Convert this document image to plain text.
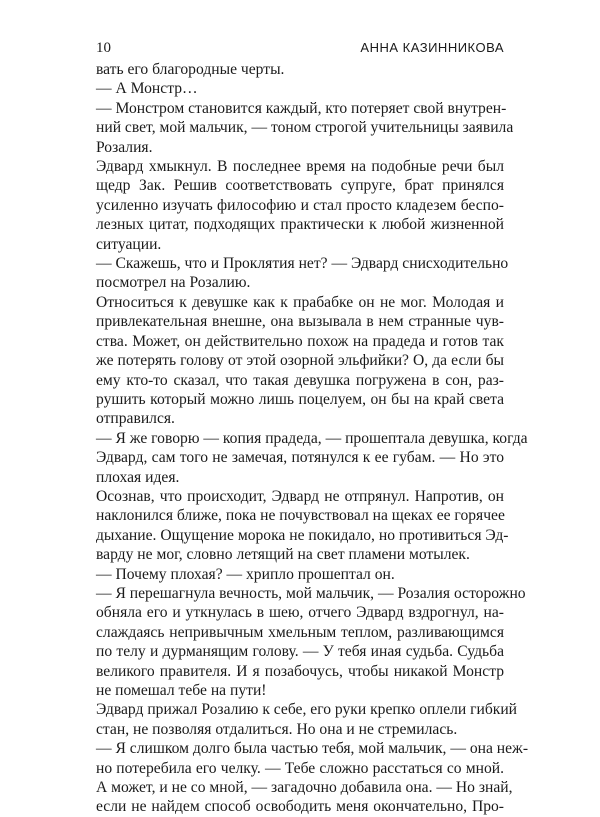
10	АННА КАЗИННИКОВА
вать его благородные черты.
— А Монстр…
— Монстром становится каждый, кто потеряет свой внутрен-
ний свет, мой мальчик, — тоном строгой учительницы заявила
Розалия.
Эдвард хмыкнул. В последнее время на подобные речи был
щедр Зак. Решив соответствовать супруге, брат принялся
усиленно изучать философию и стал просто кладезем беспо-
лезных цитат, подходящих практически к любой жизненной
ситуации.
— Скажешь, что и Проклятия нет? — Эдвард снисходительно
посмотрел на Розалию.
Относиться к девушке как к прабабке он не мог. Молодая и
привлекательная внешне, она вызывала в нем странные чув-
ства. Может, он действительно похож на прадеда и готов так
же потерять голову от этой озорной эльфийки? О, да если бы
ему кто-то сказал, что такая девушка погружена в сон, раз-
рушить который можно лишь поцелуем, он бы на край света
отправился.
— Я же говорю — копия прадеда, — прошептала девушка, когда
Эдвард, сам того не замечая, потянулся к ее губам. — Но это
плохая идея.
Осознав, что происходит, Эдвард не отпрянул. Напротив, он
наклонился ближе, пока не почувствовал на щеках ее горячее
дыхание. Ощущение морока не покидало, но противиться Эд-
варду не мог, словно летящий на свет пламени мотылек.
— Почему плохая? — хрипло прошептал он.
— Я перешагнула вечность, мой мальчик, — Розалия осторожно
обняла его и уткнулась в шею, отчего Эдвард вздрогнул, на-
слаждаясь непривычным хмельным теплом, разливающимся
по телу и дурманящим голову. — У тебя иная судьба. Судьба
великого правителя. И я позабочусь, чтобы никакой Монстр
не помешал тебе на пути!
Эдвард прижал Розалию к себе, его руки крепко оплели гибкий
стан, не позволяя отдалиться. Но она и не стремилась.
— Я слишком долго была частью тебя, мой мальчик, — она неж-
но потеребила его челку. — Тебе сложно расстаться со мной.
А может, и не со мной, — загадочно добавила она. — Но знай,
если не найдем способ освободить меня окончательно, Про-
